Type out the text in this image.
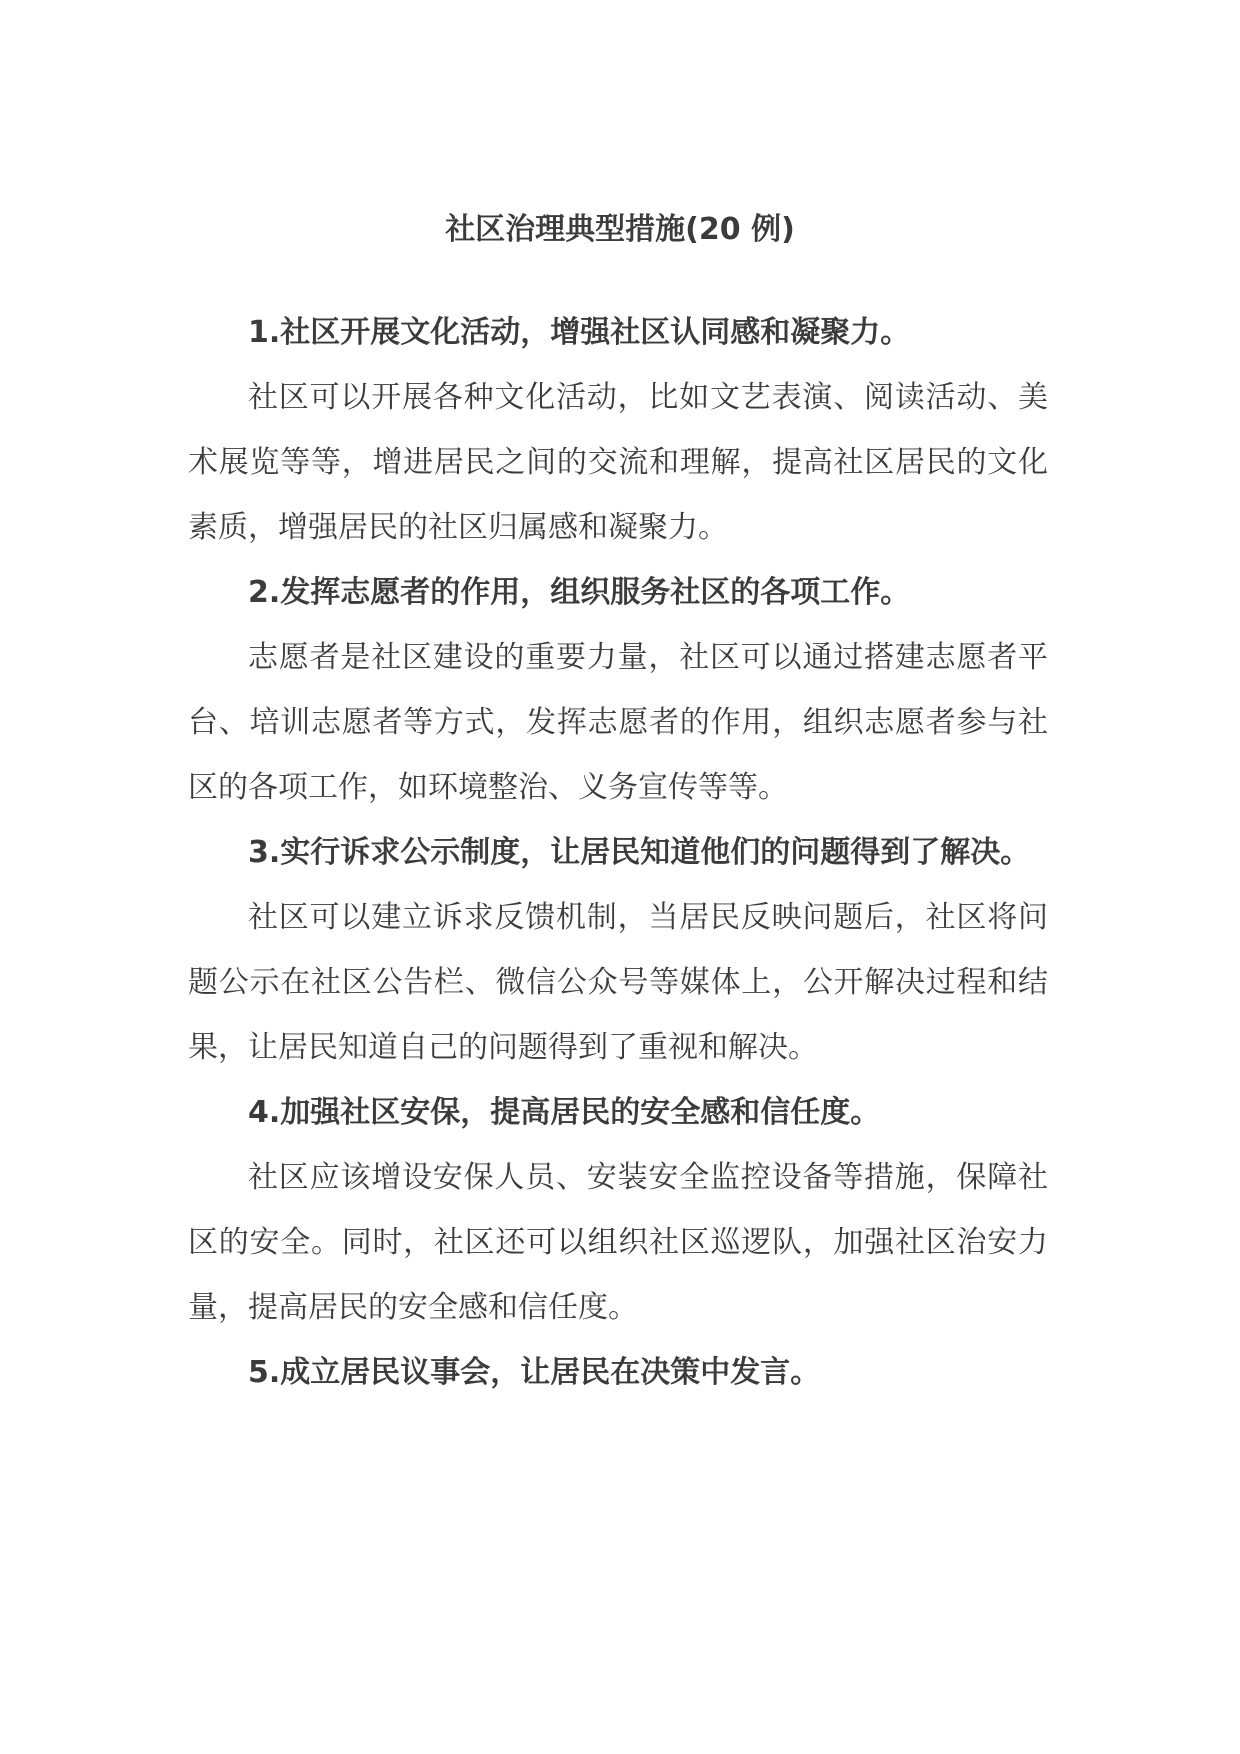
社区治理典型措施(20 例)

1.社区开展文化活动，增强社区认同感和凝聚力。

社区可以开展各种文化活动，比如文艺表演、阅读活动、美术展览等等，增进居民之间的交流和理解，提高社区居民的文化素质，增强居民的社区归属感和凝聚力。

2.发挥志愿者的作用，组织服务社区的各项工作。

志愿者是社区建设的重要力量，社区可以通过搭建志愿者平台、培训志愿者等方式，发挥志愿者的作用，组织志愿者参与社区的各项工作，如环境整治、义务宣传等等。

3.实行诉求公示制度，让居民知道他们的问题得到了解决。

社区可以建立诉求反馈机制，当居民反映问题后，社区将问题公示在社区公告栏、微信公众号等媒体上，公开解决过程和结果，让居民知道自己的问题得到了重视和解决。

4.加强社区安保，提高居民的安全感和信任度。

社区应该增设安保人员、安装安全监控设备等措施，保障社区的安全。同时，社区还可以组织社区巡逻队，加强社区治安力量，提高居民的安全感和信任度。

5.成立居民议事会，让居民在决策中发言。
